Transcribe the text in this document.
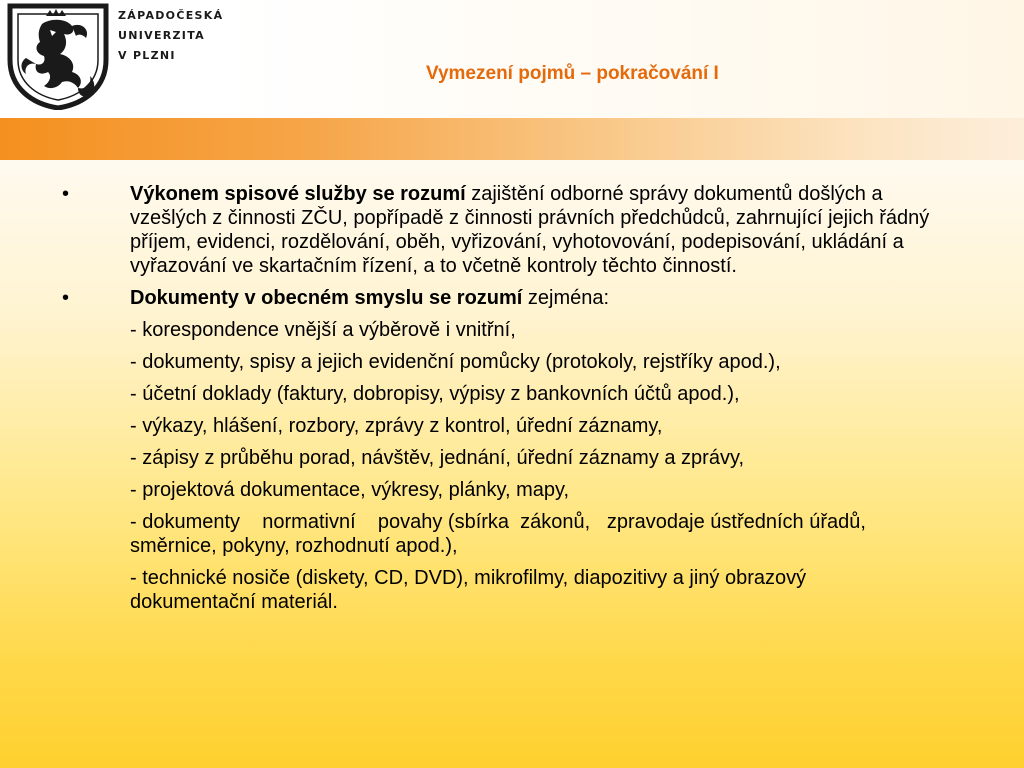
ZÁPADOČESKÁ
UNIVERZITA
V PLZNI
Vymezení pojmů – pokračování I
•	Výkonem spisové služby se rozumí zajištění odborné správy dokumentů došlých a vzešlých z činnosti ZČU, popřípadě z činnosti právních předchůdců, zahrnující jejich řádný příjem, evidenci, rozdělování, oběh, vyřizování, vyhotovování, podepisování, ukládání a vyřazování ve skartačním řízení, a to včetně kontroly těchto činností.
•	Dokumenty v obecném smyslu se rozumí zejména:
- korespondence vnější a výběrově i vnitřní,
- dokumenty, spisy a jejich evidenční pomůcky (protokoly, rejstříky apod.),
- účetní doklady (faktury, dobropisy, výpisy z bankovních účtů apod.),
- výkazy, hlášení, rozbory, zprávy z kontrol, úřední záznamy,
- zápisy z průběhu porad, návštěv, jednání, úřední záznamy a zprávy,
- projektová dokumentace, výkresy, plánky, mapy,
- dokumenty    normativní    povahy (sbírka  zákonů,   zpravodaje ústředních úřadů, směrnice, pokyny, rozhodnutí apod.),
- technické nosiče (diskety, CD, DVD), mikrofilmy, diapozitivy a jiný obrazový dokumentační materiál.
